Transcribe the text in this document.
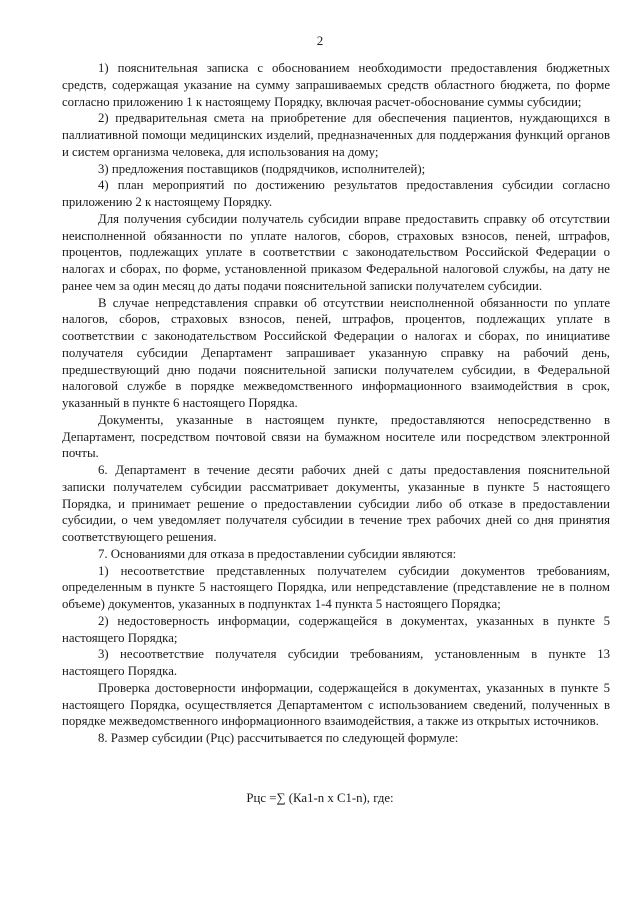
2

1) пояснительная записка с обоснованием необходимости предоставления бюджетных средств, содержащая указание на сумму запрашиваемых средств областного бюджета, по форме согласно приложению 1 к настоящему Порядку, включая расчет-обоснование суммы субсидии;

2) предварительная смета на приобретение для обеспечения пациентов, нуждающихся в паллиативной помощи медицинских изделий, предназначенных для поддержания функций органов и систем организма человека, для использования на дому;

3) предложения поставщиков (подрядчиков, исполнителей);

4) план мероприятий по достижению результатов предоставления субсидии согласно приложению 2 к настоящему Порядку.

Для получения субсидии получатель субсидии вправе предоставить справку об отсутствии неисполненной обязанности по уплате налогов, сборов, страховых взносов, пеней, штрафов, процентов, подлежащих уплате в соответствии с законодательством Российской Федерации о налогах и сборах, по форме, установленной приказом Федеральной налоговой службы, на дату не ранее чем за один месяц до даты подачи пояснительной записки получателем субсидии.

В случае непредставления справки об отсутствии неисполненной обязанности по уплате налогов, сборов, страховых взносов, пеней, штрафов, процентов, подлежащих уплате в соответствии с законодательством Российской Федерации о налогах и сборах, по инициативе получателя субсидии Департамент запрашивает указанную справку на рабочий день, предшествующий дню подачи пояснительной записки получателем субсидии, в Федеральной налоговой службе в порядке межведомственного информационного взаимодействия в срок, указанный в пункте 6 настоящего Порядка.

Документы, указанные в настоящем пункте, предоставляются непосредственно в Департамент, посредством почтовой связи на бумажном носителе или посредством электронной почты.

6. Департамент в течение десяти рабочих дней с даты предоставления пояснительной записки получателем субсидии рассматривает документы, указанные в пункте 5 настоящего Порядка, и принимает решение о предоставлении субсидии либо об отказе в предоставлении субсидии, о чем уведомляет получателя субсидии в течение трех рабочих дней со дня принятия соответствующего решения.

7. Основаниями для отказа в предоставлении субсидии являются:

1) несоответствие представленных получателем субсидии документов требованиям, определенным в пункте 5 настоящего Порядка, или непредставление (представление не в полном объеме) документов, указанных в подпунктах 1-4 пункта 5 настоящего Порядка;

2) недостоверность информации, содержащейся в документах, указанных в пункте 5 настоящего Порядка;

3) несоответствие получателя субсидии требованиям, установленным в пункте 13 настоящего Порядка.

Проверка достоверности информации, содержащейся в документах, указанных в пункте 5 настоящего Порядка, осуществляется Департаментом с использованием сведений, полученных в порядке межведомственного информационного взаимодействия, а также из открытых источников.

8. Размер субсидии (Рцс) рассчитывается по следующей формуле:

Рцс =∑ (Ка1-n х С1-n), где:
